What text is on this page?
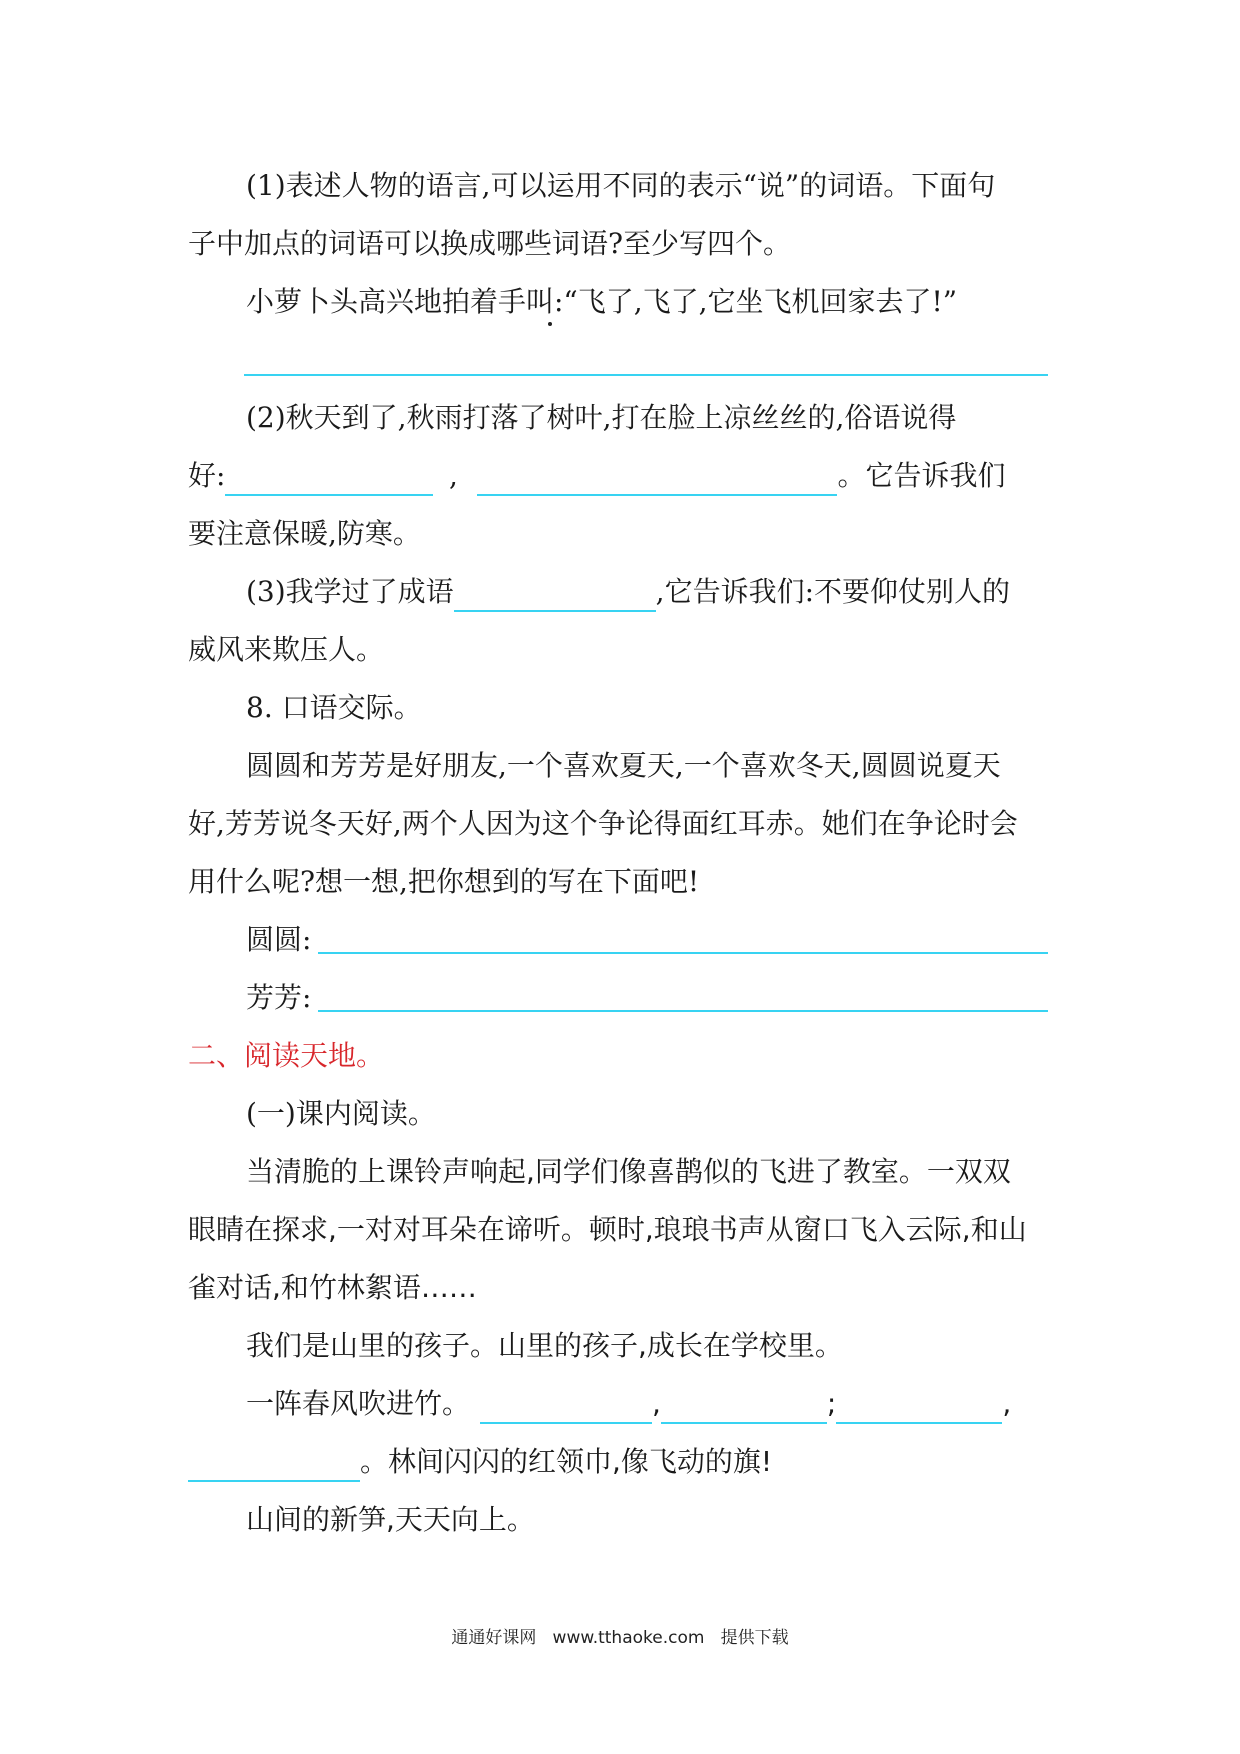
(1)表述人物的语言,可以运用不同的表示“说”的词语。下面句
子中加点的词语可以换成哪些词语?至少写四个。
小萝卜头高兴地拍着手叫:“飞了,飞了,它坐飞机回家去了!”
(2)秋天到了,秋雨打落了树叶,打在脸上凉丝丝的,俗语说得
好:	,	。它告诉我们
要注意保暖,防寒。
(3)我学过了成语	,它告诉我们:不要仰仗别人的
威风来欺压人。
8. 口语交际。
圆圆和芳芳是好朋友,一个喜欢夏天,一个喜欢冬天,圆圆说夏天
好,芳芳说冬天好,两个人因为这个争论得面红耳赤。她们在争论时会
用什么呢?想一想,把你想到的写在下面吧!
圆圆:
芳芳:
二、阅读天地。
(一)课内阅读。
当清脆的上课铃声响起,同学们像喜鹊似的飞进了教室。一双双
眼睛在探求,一对对耳朵在谛听。顿时,琅琅书声从窗口飞入云际,和山
雀对话,和竹林絮语……
我们是山里的孩子。山里的孩子,成长在学校里。
一阵春风吹进竹。	,	;	,
。林间闪闪的红领巾,像飞动的旗!
山间的新笋,天天向上。
通通好课网 www.tthaoke.com 提供下载
